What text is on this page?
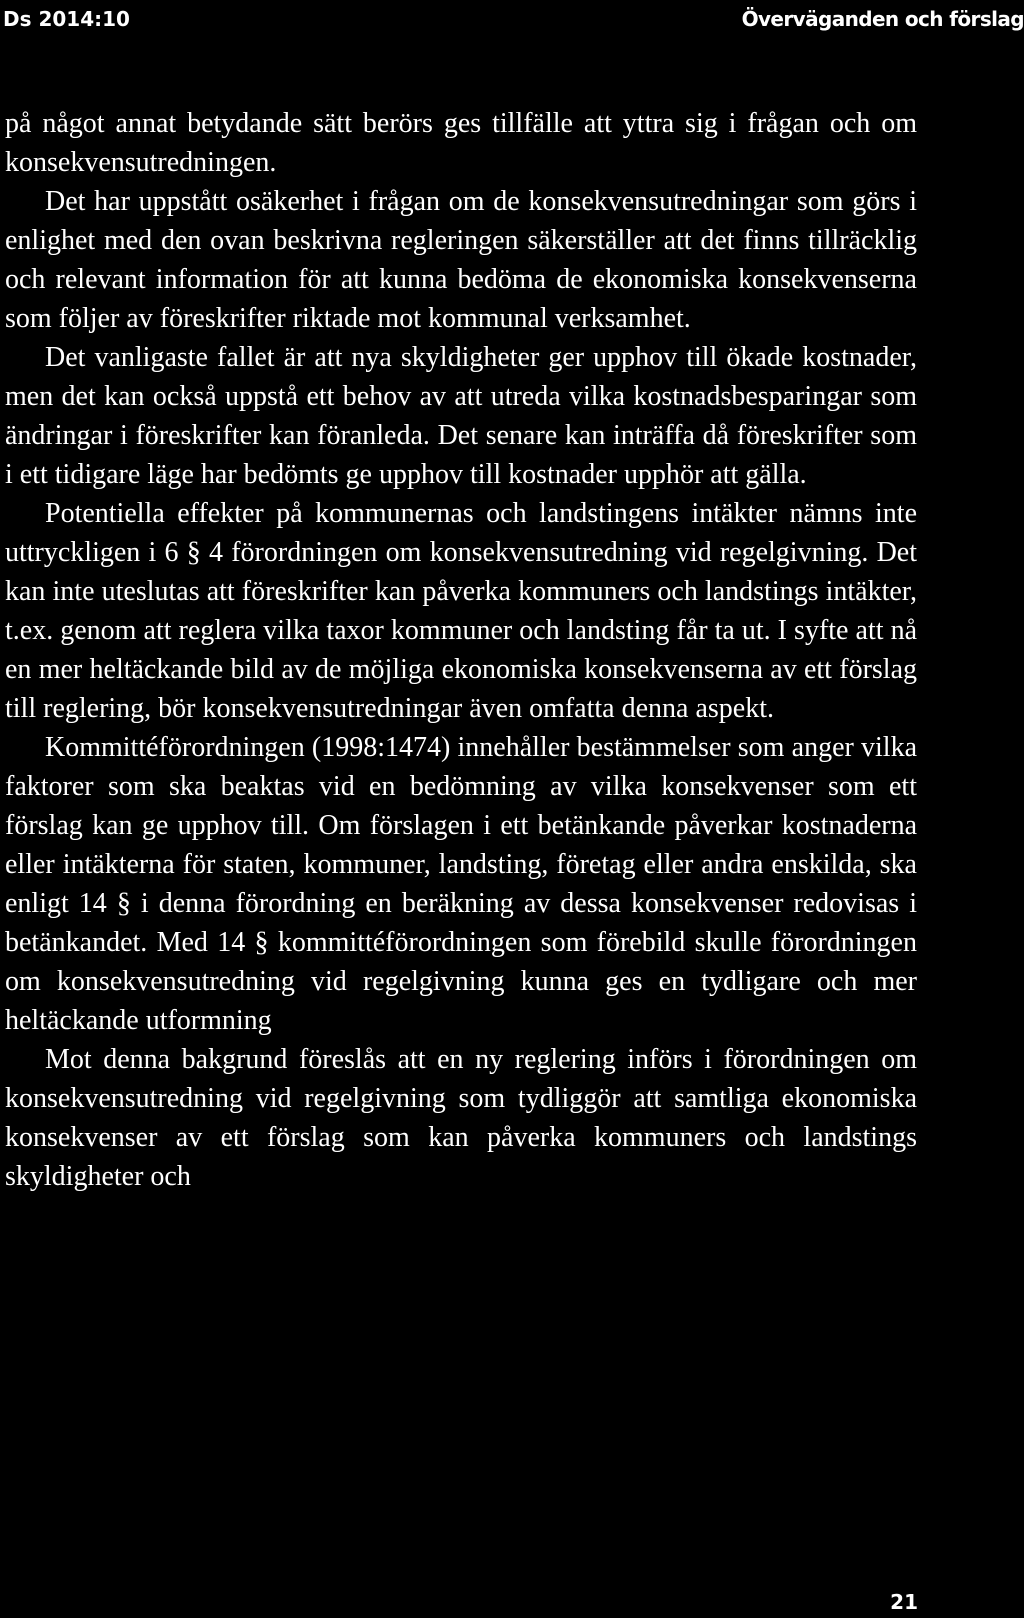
Ds 2014:10	Överväganden och förslag

på något annat betydande sätt berörs ges tillfälle att yttra sig i frågan och om konsekvensutredningen.

Det har uppstått osäkerhet i frågan om de konsekvensutredningar som görs i enlighet med den ovan beskrivna regleringen säkerställer att det finns tillräcklig och relevant information för att kunna bedöma de ekonomiska konsekvenserna som följer av föreskrifter riktade mot kommunal verksamhet.

Det vanligaste fallet är att nya skyldigheter ger upphov till ökade kostnader, men det kan också uppstå ett behov av att utreda vilka kostnadsbesparingar som ändringar i föreskrifter kan föranleda. Det senare kan inträffa då föreskrifter som i ett tidigare läge har bedömts ge upphov till kostnader upphör att gälla.

Potentiella effekter på kommunernas och landstingens intäkter nämns inte uttryckligen i 6 § 4 förordningen om konsekvensutredning vid regelgivning. Det kan inte uteslutas att föreskrifter kan påverka kommuners och landstings intäkter, t.ex. genom att reglera vilka taxor kommuner och landsting får ta ut. I syfte att nå en mer heltäckande bild av de möjliga ekonomiska konsekvenserna av ett förslag till reglering, bör konsekvensutredningar även omfatta denna aspekt.

Kommittéförordningen (1998:1474) innehåller bestämmelser som anger vilka faktorer som ska beaktas vid en bedömning av vilka konsekvenser som ett förslag kan ge upphov till. Om förslagen i ett betänkande påverkar kostnaderna eller intäkterna för staten, kommuner, landsting, företag eller andra enskilda, ska enligt 14 § i denna förordning en beräkning av dessa konsekvenser redovisas i betänkandet. Med 14 § kommittéförordningen som förebild skulle förordningen om konsekvensutredning vid regelgivning kunna ges en tydligare och mer heltäckande utformning

Mot denna bakgrund föreslås att en ny reglering införs i förordningen om konsekvensutredning vid regelgivning som tydliggör att samtliga ekonomiska konsekvenser av ett förslag som kan påverka kommuners och landstings skyldigheter och

21
